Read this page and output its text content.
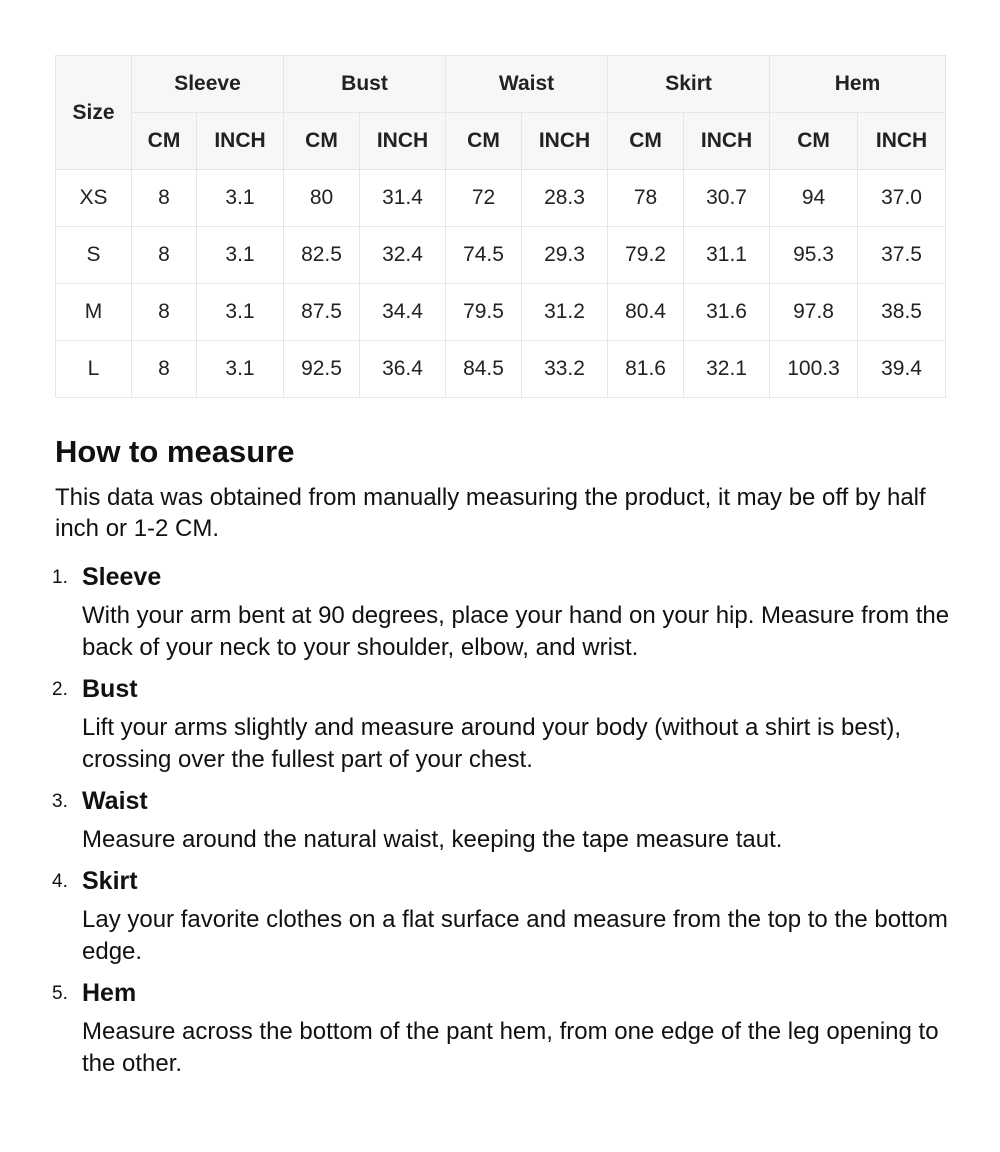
Size	Sleeve		Bust		Waist		Skirt		Hem	
	CM	INCH	CM	INCH	CM	INCH	CM	INCH	CM	INCH
XS	8	3.1	80	31.4	72	28.3	78	30.7	94	37.0
S	8	3.1	82.5	32.4	74.5	29.3	79.2	31.1	95.3	37.5
M	8	3.1	87.5	34.4	79.5	31.2	80.4	31.6	97.8	38.5
L	8	3.1	92.5	36.4	84.5	33.2	81.6	32.1	100.3	39.4
How to measure

This data was obtained from manually measuring the product, it may be off by half inch or 1-2 CM.

1. Sleeve
With your arm bent at 90 degrees, place your hand on your hip. Measure from the back of your neck to your shoulder, elbow, and wrist.
2. Bust
Lift your arms slightly and measure around your body (without a shirt is best), crossing over the fullest part of your chest.
3. Waist
Measure around the natural waist, keeping the tape measure taut.
4. Skirt
Lay your favorite clothes on a flat surface and measure from the top to the bottom edge.
5. Hem
Measure across the bottom of the pant hem, from one edge of the leg opening to the other.
